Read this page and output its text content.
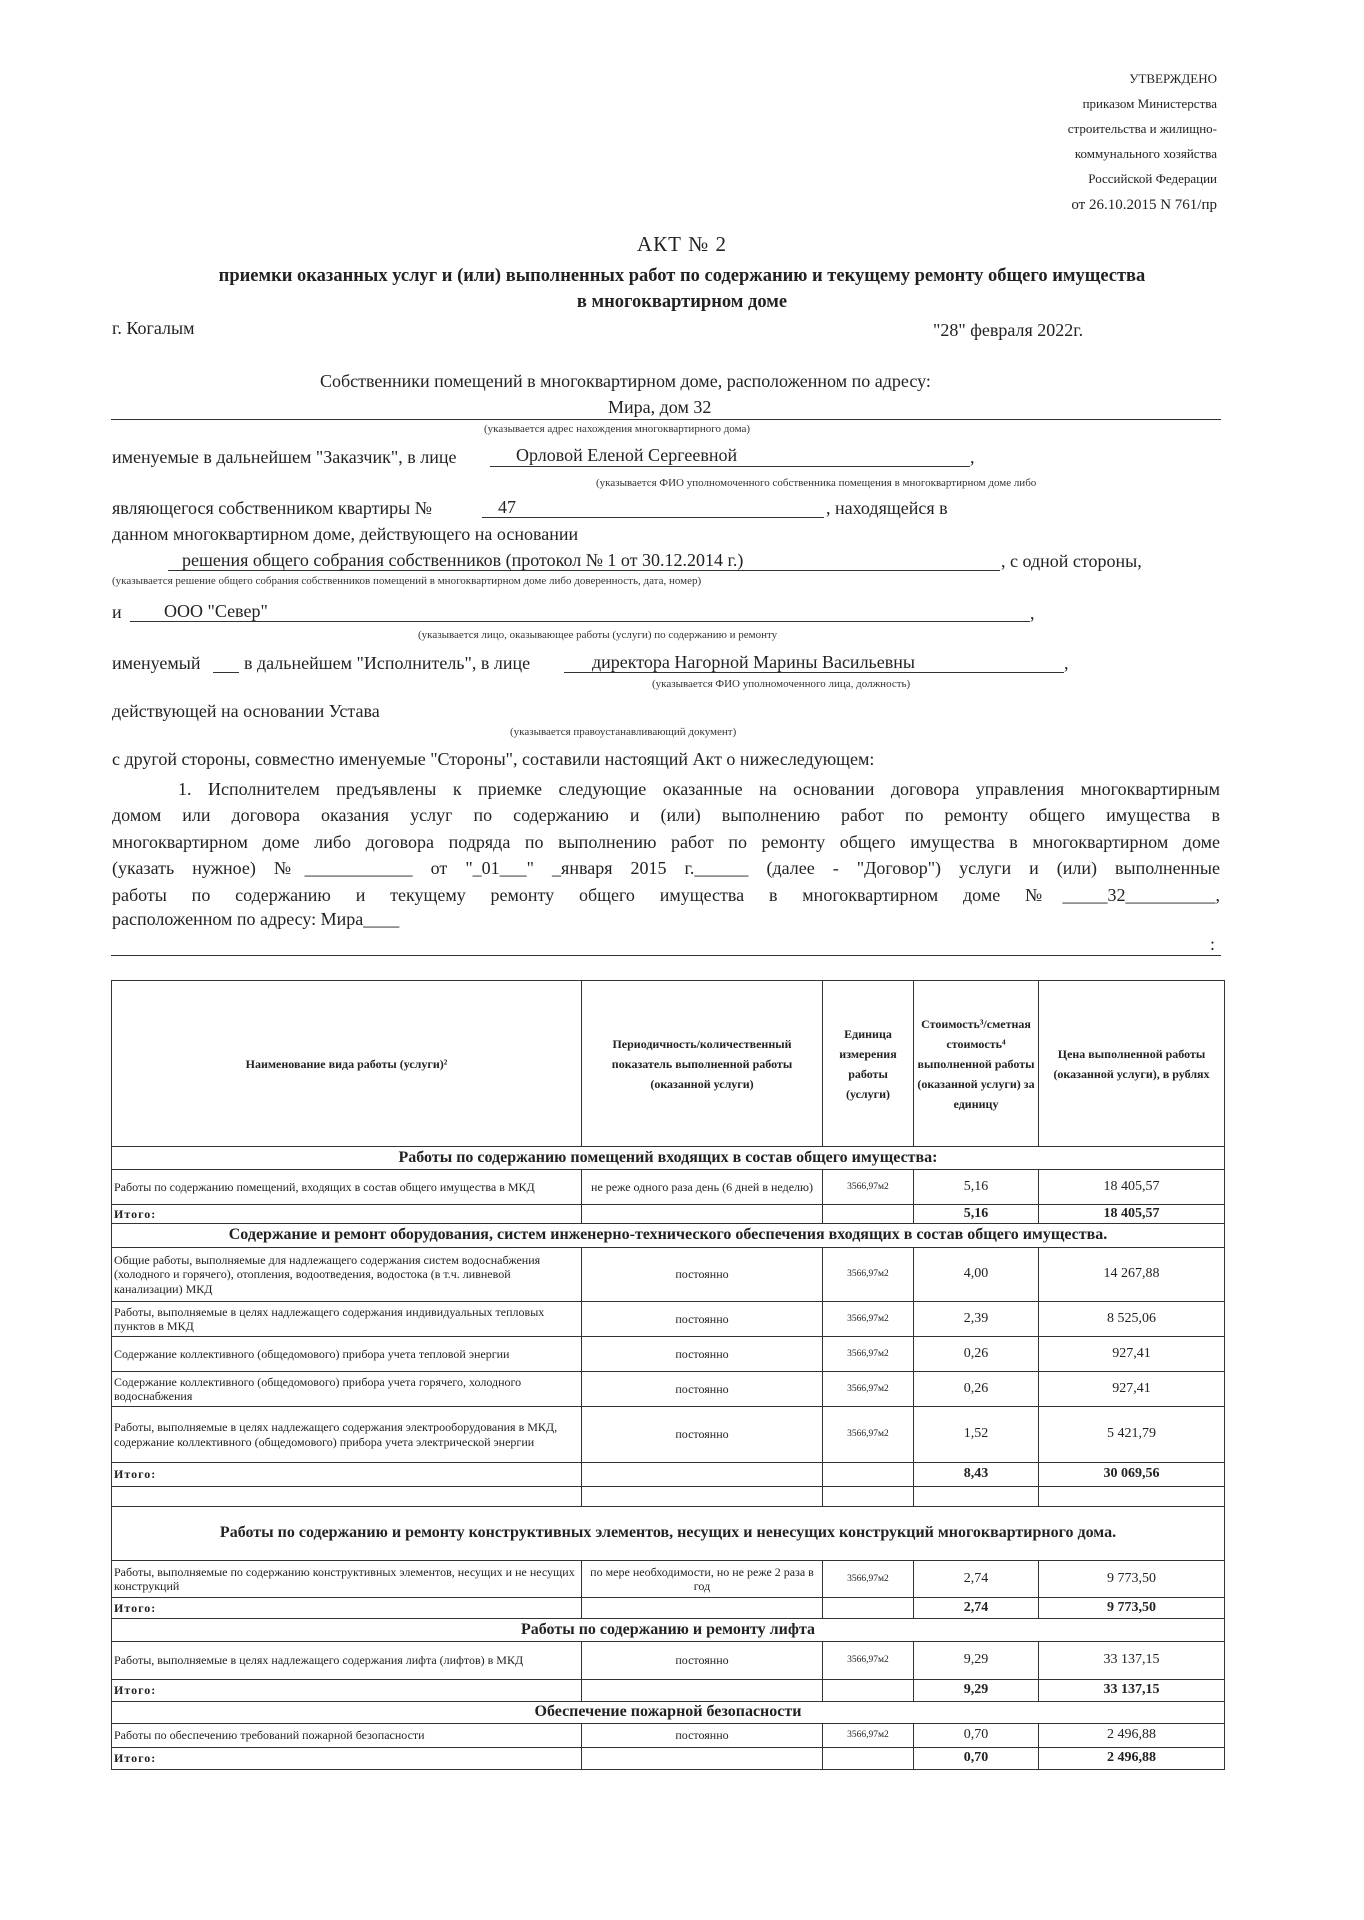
УТВЕРЖДЕНО
приказом Министерства
строительства и жилищно-
коммунального хозяйства
Российской Федерации
от 26.10.2015 N 761/пр
АКТ № 2
приемки оказанных услуг и (или) выполненных работ по содержанию и текущему ремонту общего имущества
в многоквартирном доме
г. Когалым	"28" февраля 2022г.
Собственники помещений в многоквартирном доме, расположенном по адресу:
Мира, дом 32
(указывается адрес нахождения многоквартирного дома)
именуемые в дальнейшем "Заказчик", в лице	Орловой Еленой Сергеевной	,
(указывается ФИО уполномоченного собственника помещения в многоквартирном доме либо
являющегося собственником квартиры №	47	, находящейся в
данном многоквартирном доме, действующего на основании
решения общего собрания собственников (протокол № 1 от 30.12.2014 г.)	, с одной стороны,
(указывается решение общего собрания собственников помещений в многоквартирном доме либо доверенность, дата, номер)
и ООО "Север"	,
(указывается лицо, оказывающее работы (услуги) по содержанию и ремонту
именуемый в дальнейшем "Исполнитель", в лице	директора Нагорной Марины Васильевны	,
(указывается ФИО уполномоченного лица, должность)
действующей на основании Устава
(указывается правоустанавливающий документ)
с другой стороны, совместно именуемые "Стороны", составили настоящий Акт о нижеследующем:
1. Исполнителем предъявлены к приемке следующие оказанные на основании договора управления многоквартирным
домом или договора оказания услуг по содержанию и (или) выполнению работ по ремонту общего имущества в
многоквартирном доме либо договора подряда по выполнению работ по ремонту общего имущества в многоквартирном доме
(указать нужное) №____________ от "_01___" _января 2015 г.______ (далее - "Договор") услуги и (или) выполненные
работы по содержанию и текущему ремонту общего имущества в многоквартирном доме №_____32__________,
расположенном по адресу: Мира____
:
Наименование вида работы (услуги)²	Периодичность/количественный показатель выполненной работы (оказанной услуги)	Единица измерения работы (услуги)	Стоимость³/сметная стоимость⁴ выполненной работы (оказанной услуги) за единицу	Цена выполненной работы (оказанной услуги), в рублях
Работы по содержанию помещений входящих в состав общего имущества:				
Работы по содержанию помещений, входящих в состав общего имущества в МКД	не реже одного раза день (6 дней в неделю)	3566,97м2	5,16	18 405,57
Итого:			5,16	18 405,57
Содержание и ремонт оборудования, систем инженерно-технического обеспечения входящих в состав общего имущества.				
Общие работы, выполняемые для надлежащего содержания систем водоснабжения (холодного и горячего), отопления, водоотведения, водостока (в т.ч. ливневой канализации) МКД	постоянно	3566,97м2	4,00	14 267,88
Работы, выполняемые в целях надлежащего содержания индивидуальных тепловых пунктов в МКД	постоянно	3566,97м2	2,39	8 525,06
Содержание коллективного (общедомового) прибора учета тепловой энергии	постоянно	3566,97м2	0,26	927,41
Содержание коллективного (общедомового) прибора учета горячего, холодного водоснабжения	постоянно	3566,97м2	0,26	927,41
Работы, выполняемые в целях надлежащего содержания электрооборудования в МКД, содержание коллективного (общедомового) прибора учета электрической энергии	постоянно	3566,97м2	1,52	5 421,79
Итого:			8,43	30 069,56

Работы по содержанию и ремонту конструктивных элементов, несущих и ненесущих конструкций многоквартирного дома.				
Работы, выполняемые по содержанию конструктивных элементов, несущих и не несущих конструкций	по мере необходимости, но не реже 2 раза в год	3566,97м2	2,74	9 773,50
Итого:			2,74	9 773,50
Работы по содержанию и ремонту лифта				
Работы, выполняемые в целях надлежащего содержания лифта (лифтов) в МКД	постоянно	3566,97м2	9,29	33 137,15
Итого:			9,29	33 137,15
Обеспечение пожарной безопасности				
Работы по обеспечению требований пожарной безопасности	постоянно	3566,97м2	0,70	2 496,88
Итого:			0,70	2 496,88
